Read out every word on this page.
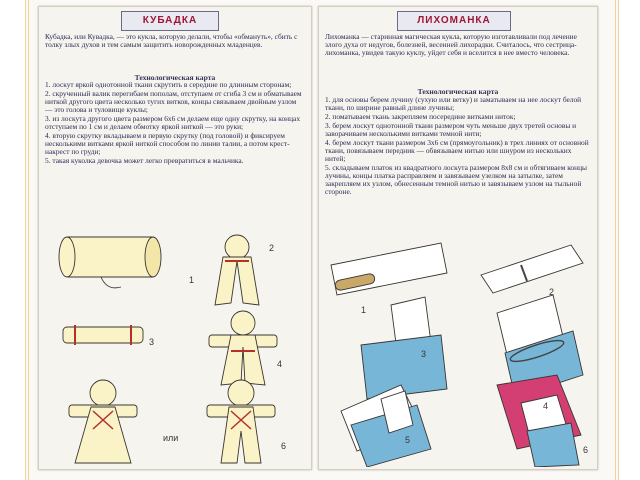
КУБАДКА
Кубадка, или Кувадка, — это кукла, которую делали, чтобы «обмануть», сбить с толку злых духов и тем самым защитить новорожденных младенцев.
Технологическая карта

1. лоскут яркой однотонной ткани скрутить в середине по длинным сторонам;

2. скрученный валик перегибаем пополам, отступаем от сгиба 3 см и обматываем ниткой другого цвета несколько тугих витков, концы связываем двойным узлом — это голова и туловище куклы;

3. из лоскута другого цвета размером 6х6 см делаем еще одну скрутку, на концах отступаем по 1 см и делаем обмотку яркой ниткой — это руки;

4. вторую скрутку вкладываем в первую скрутку (под головой) и фиксируем несколькими витками яркой ниткой способом по линии талии, а потом крест-накрест по груди;

5. такая куколка девочка может легко превратиться в мальчика.

1
2
3
4
6
или
ЛИХОМАНКА
Лихоманка — старинная магическая кукла, которую изготавливали под лечение злого духа от недугов, болезней, весенней лихорадки. Считалось, что сестрица-лихоманка, увидев такую куклу, уйдет себя и вселится в нее вместо человека.
Технологическая карта

1. для основы берем лучину (сухую или ветку) и заматываем на нее лоскут белой ткани, по ширине равный длине лучины;

2. поматываем ткань закрепляем посередине витками ниток;

3. берем лоскут однотонной ткани размером чуть меньше двух третей основы и заворачиваем несколькими витками темной нити;

4. берем лоскут ткани размером 3х6 см (прямоугольник) в трех линиях от основной ткани, повязываем передник — обвязываем нитью или шнуром из нескольких нитей;

5. складываем платок из квадратного лоскута размером 8х8 см и обтягиваем концы лучины, концы платка расправляем и завязываем узелком на затылке, затем закрепляем их узлом, обнесенным темной нитью и завязываем узлом на тыльной стороне.

1
2
3
4
5
6
